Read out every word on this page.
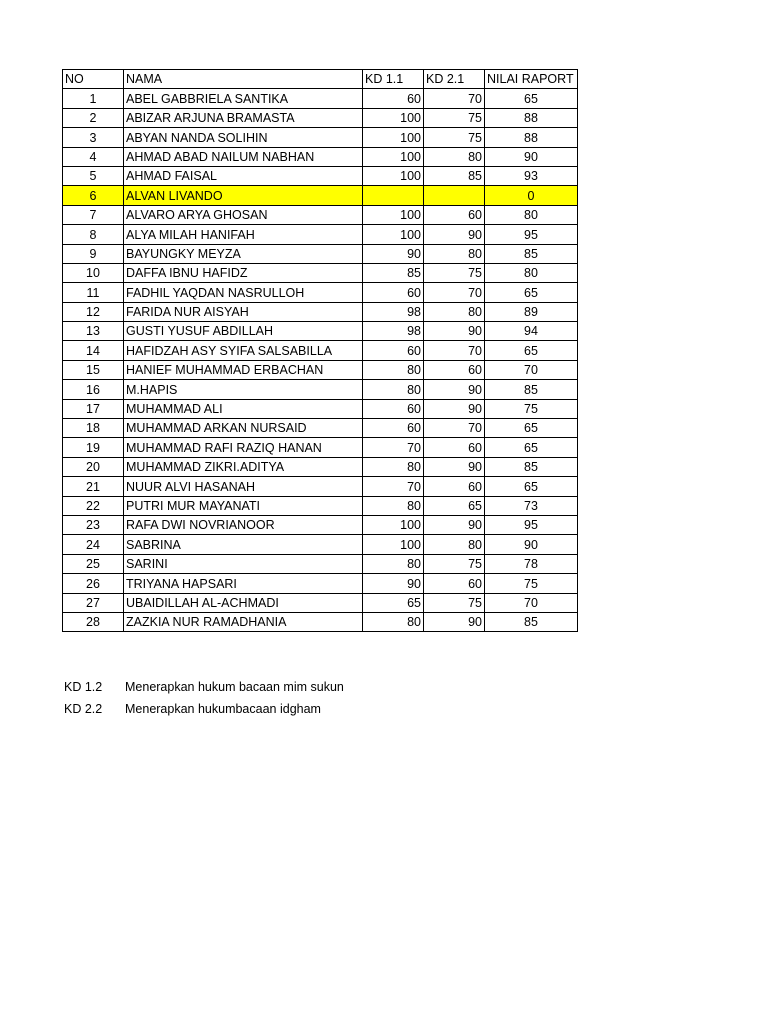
NO	NAMA	KD 1.1	KD 2.1	NILAI RAPORT
1	ABEL GABBRIELA SANTIKA	60	70	65
2	ABIZAR ARJUNA BRAMASTA	100	75	88
3	ABYAN NANDA SOLIHIN	100	75	88
4	AHMAD ABAD NAILUM NABHAN	100	80	90
5	AHMAD FAISAL	100	85	93
6	ALVAN LIVANDO			0
7	ALVARO ARYA GHOSAN	100	60	80
8	ALYA MILAH HANIFAH	100	90	95
9	BAYUNGKY MEYZA	90	80	85
10	DAFFA IBNU HAFIDZ	85	75	80
11	FADHIL YAQDAN NASRULLOH	60	70	65
12	FARIDA NUR AISYAH	98	80	89
13	GUSTI YUSUF ABDILLAH	98	90	94
14	HAFIDZAH ASY SYIFA SALSABILLA	60	70	65
15	HANIEF MUHAMMAD ERBACHAN	80	60	70
16	M.HAPIS	80	90	85
17	MUHAMMAD ALI	60	90	75
18	MUHAMMAD ARKAN NURSAID	60	70	65
19	MUHAMMAD RAFI RAZIQ HANAN	70	60	65
20	MUHAMMAD ZIKRI.ADITYA	80	90	85
21	NUUR ALVI HASANAH	70	60	65
22	PUTRI MUR MAYANATI	80	65	73
23	RAFA DWI NOVRIANOOR	100	90	95
24	SABRINA	100	80	90
25	SARINI	80	75	78
26	TRIYANA HAPSARI	90	60	75
27	UBAIDILLAH AL-ACHMADI	65	75	70
28	ZAZKIA NUR RAMADHANIA	80	90	85
KD 1.2 Menerapkan hukum bacaan mim sukun
KD 2.2 Menerapkan hukumbacaan idgham
